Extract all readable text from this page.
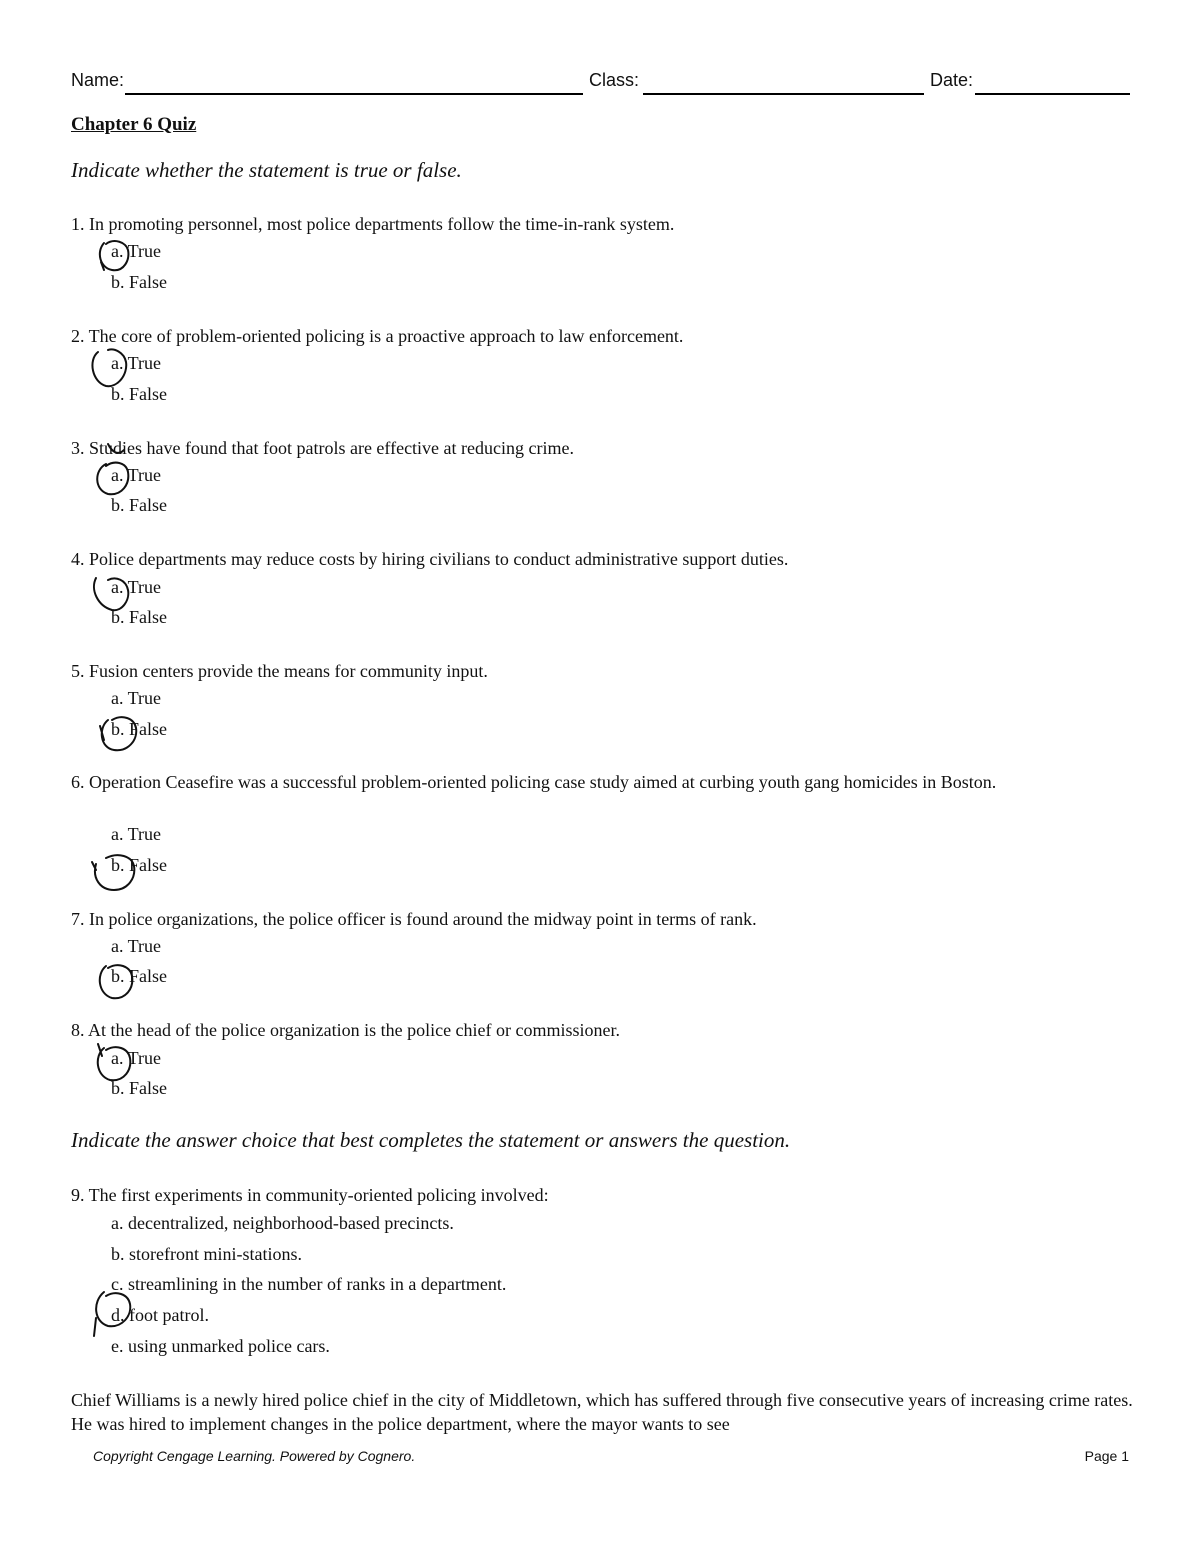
Name:	Class:	Date:
Chapter 6 Quiz
Indicate whether the statement is true or false.
1. In promoting personnel, most police departments follow the time-in-rank system.
a. True
b. False
2. The core of problem-oriented policing is a proactive approach to law enforcement.
a. True
b. False
3. Studies have found that foot patrols are effective at reducing crime.
a. True
b. False
4. Police departments may reduce costs by hiring civilians to conduct administrative support duties.
a. True
b. False
5. Fusion centers provide the means for community input.
a. True
b. False
6. Operation Ceasefire was a successful problem-oriented policing case study aimed at curbing youth gang homicides in Boston.
a. True
b. False
7. In police organizations, the police officer is found around the midway point in terms of rank.
a. True
b. False
8. At the head of the police organization is the police chief or commissioner.
a. True
b. False
Indicate the answer choice that best completes the statement or answers the question.
9. The first experiments in community-oriented policing involved:
a. decentralized, neighborhood-based precincts.
b. storefront mini-stations.
c. streamlining in the number of ranks in a department.
d. foot patrol.
e. using unmarked police cars.
Chief Williams is a newly hired police chief in the city of Middletown, which has suffered through five consecutive years of increasing crime rates. He was hired to implement changes in the police department, where the mayor wants to see
Copyright Cengage Learning. Powered by Cognero.	Page 1
